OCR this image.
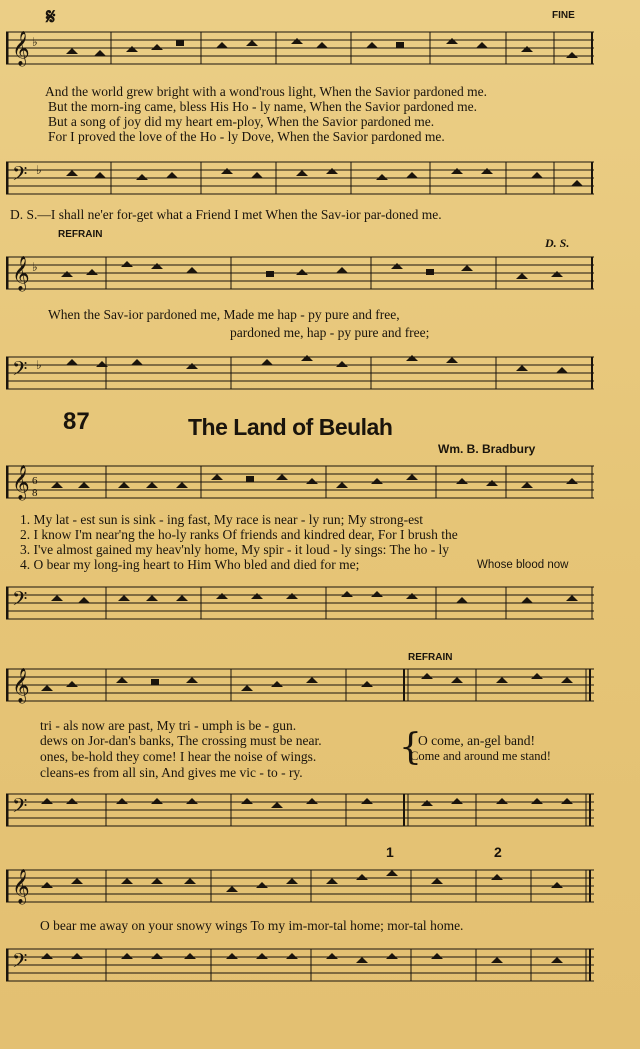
𝄋	FINE
𝄞 ♭
And the world grew bright with a wond'rous light, When the Savior pardoned me.
But the morn-ing came, bless His Ho - ly name, When the Savior pardoned me.
But a song of joy did my heart em-ploy, When the Savior pardoned me.
For I proved the love of the Ho - ly Dove, When the Savior pardoned me.
𝄢 ♭
D. S.—I shall ne'er for-get what a Friend I met When the Sav-ior par-doned me.
REFRAIN
D. S.
𝄞 ♭
When the Sav-ior pardoned me, Made me hap - py pure and free,
pardoned me, hap - py pure and free;
𝄢 ♭
87	The Land of Beulah
Wm. B. Bradbury
𝄞 6
8
1. My lat - est sun is sink - ing fast, My race is near - ly run; My strong-est
2. I know I'm near'ng the ho-ly ranks Of friends and kindred dear, For I brush the
3. I've almost gained my heav'nly home, My spir - it loud - ly sings: The ho - ly
4. O bear my long-ing heart to Him Who bled and died for me;	Whose blood now
𝄢
REFRAIN
𝄞
tri - als now are past, My tri - umph is be - gun.
dews on Jor-dan's banks, The crossing must be near.
ones, be-hold they come! I hear the noise of wings.
cleans-es from all sin, And gives me vic - to - ry.
{
O come, an-gel band!
Come and around me stand!
𝄢
1	2
𝄞
O bear me away on your snowy wings To my im-mor-tal home; mor-tal home.
𝄢
